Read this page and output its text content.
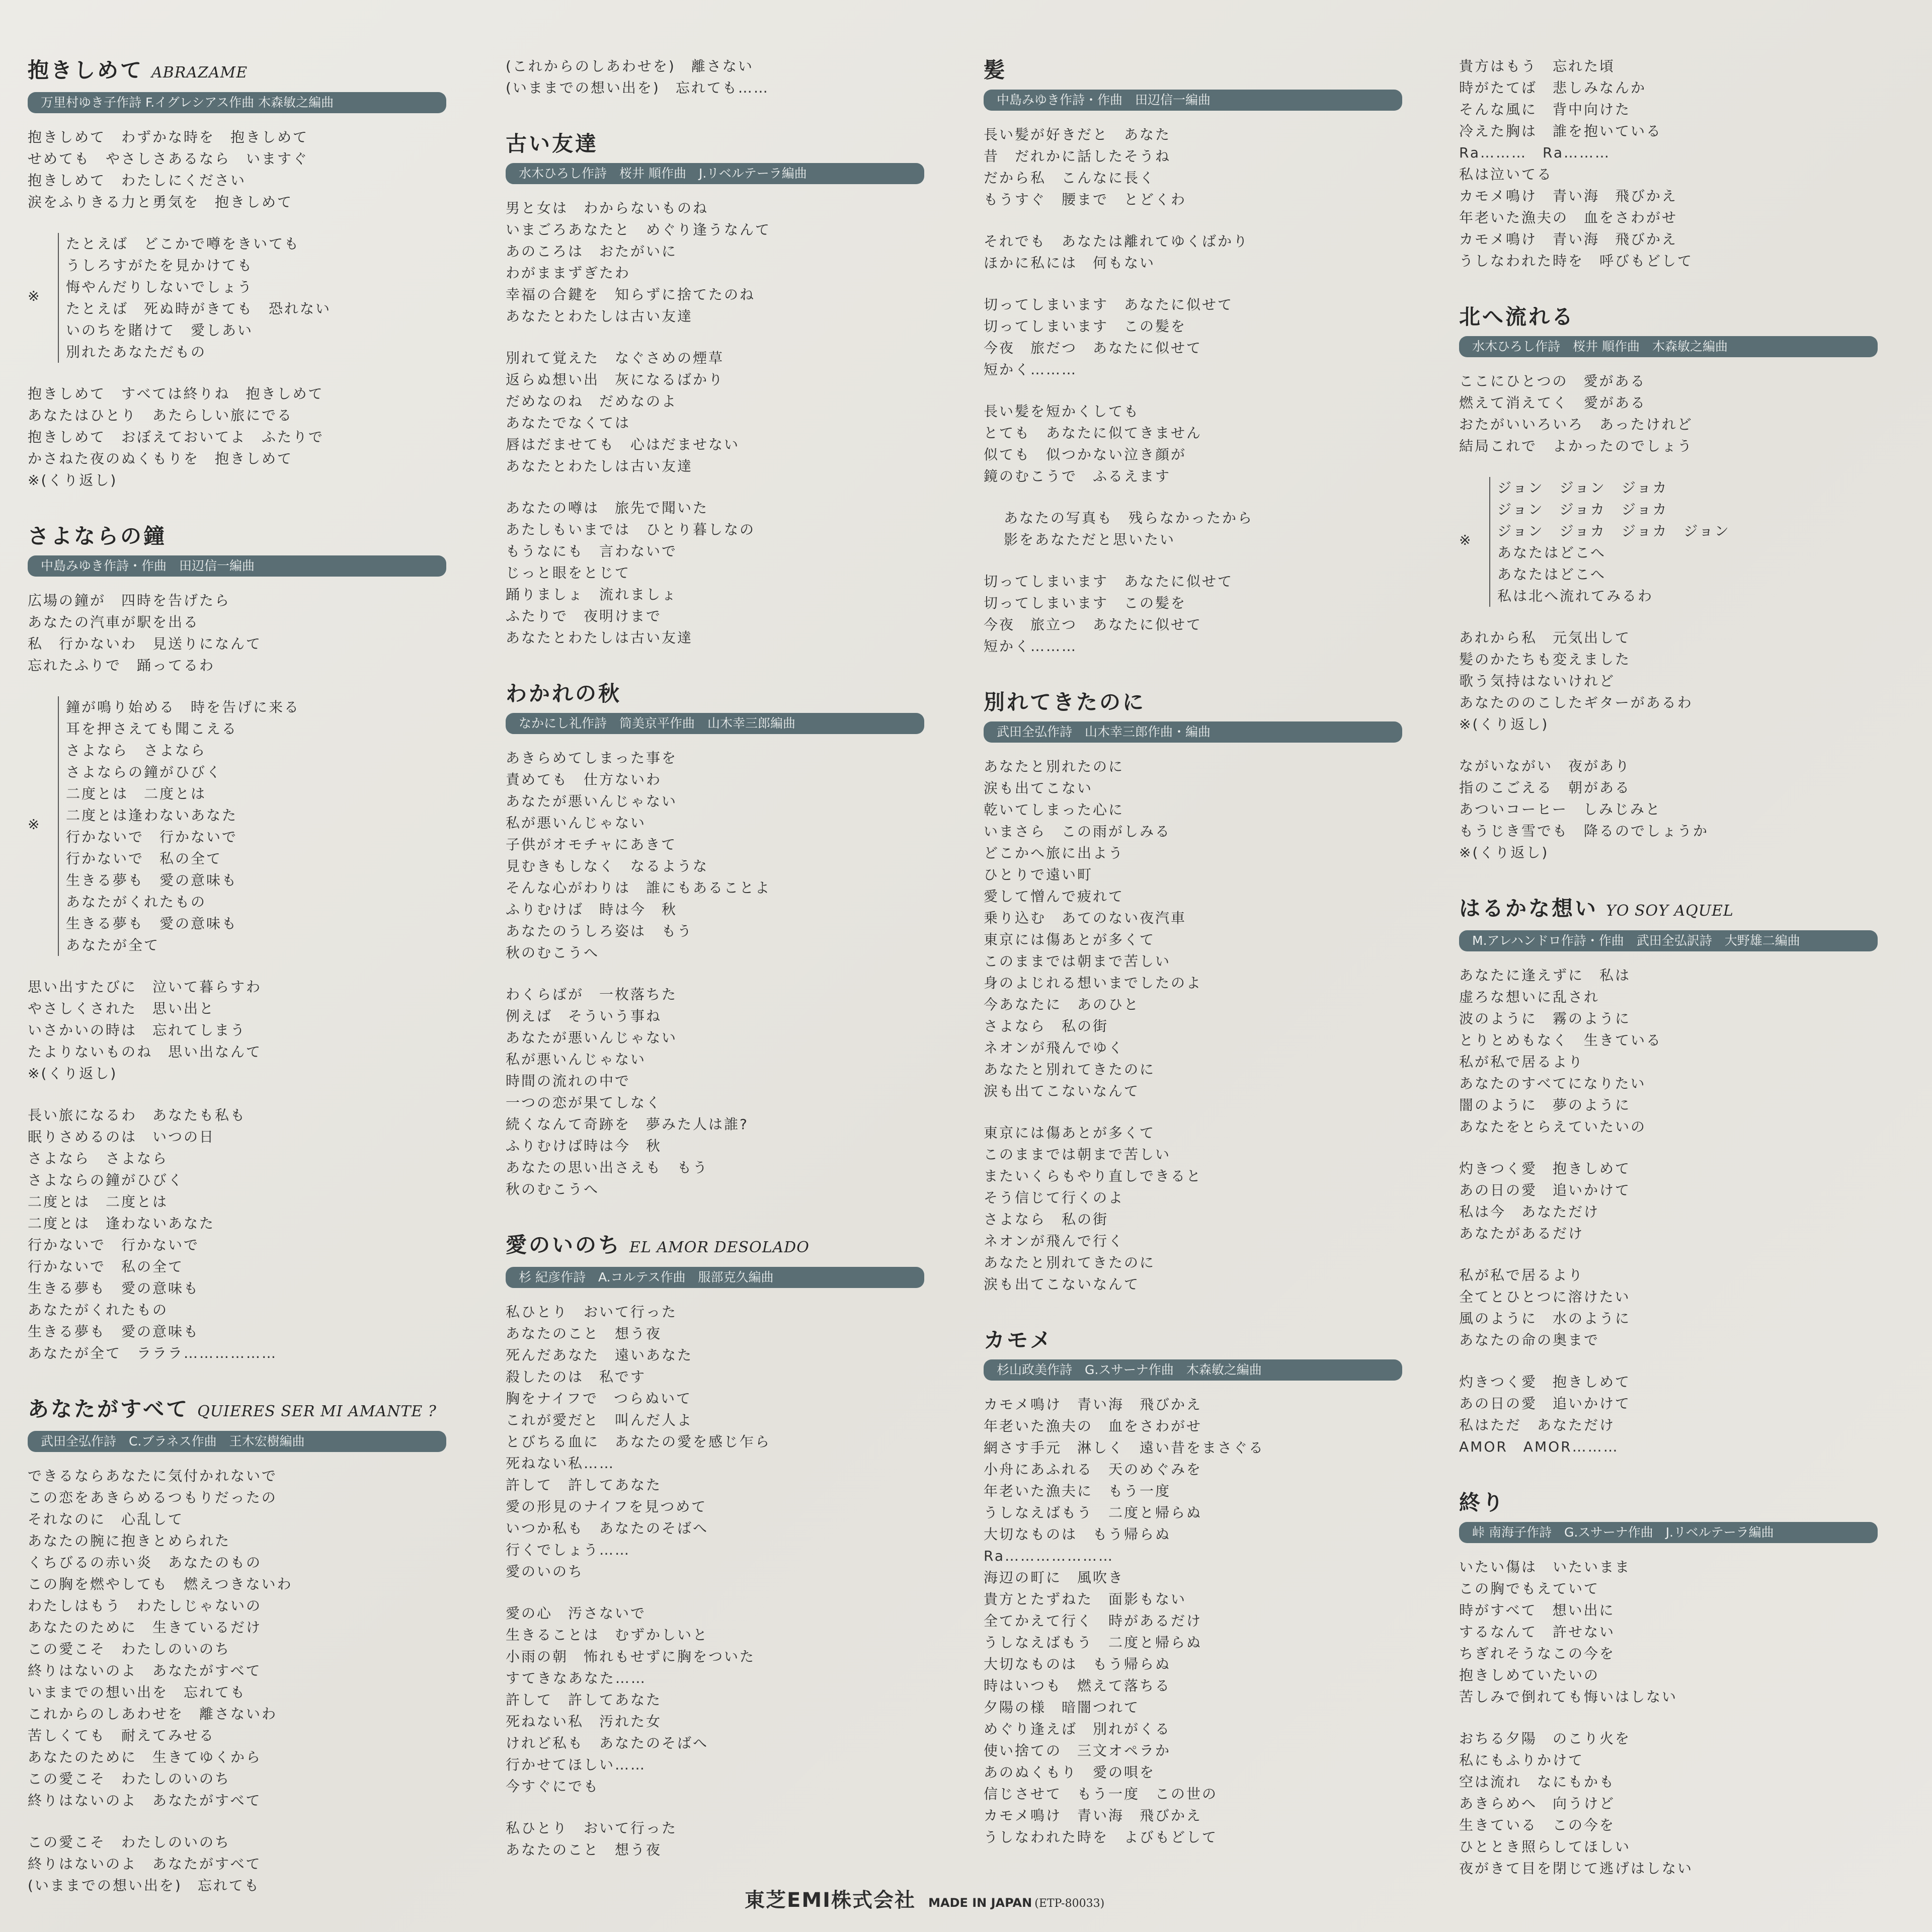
抱きしめて ABRAZAME
万里村ゆき子作詩 F.イグレシアス作曲 木森敏之編曲
抱きしめて　わずかな時を　抱きしめて
せめても　やさしさあるなら　いますぐ
抱きしめて　わたしにください
涙をふりきる力と勇気を　抱きしめて
※
たとえば　どこかで噂をきいても
うしろすがたを見かけても
悔やんだりしないでしょう
たとえば　死ぬ時がきても　恐れない
いのちを賭けて　愛しあい
別れたあなただもの
抱きしめて　すべては終りね　抱きしめて
あなたはひとり　あたらしい旅にでる
抱きしめて　おぼえておいてよ　ふたりで
かさねた夜のぬくもりを　抱きしめて
※(くり返し)
さよならの鐘
中島みゆき作詩・作曲　田辺信一編曲
広場の鐘が　四時を告げたら
あなたの汽車が駅を出る
私　行かないわ　見送りになんて
忘れたふりで　踊ってるわ
※
鐘が鳴り始める　時を告げに来る
耳を押さえても聞こえる
さよなら　さよなら
さよならの鐘がひびく
二度とは　二度とは
二度とは逢わないあなた
行かないで　行かないで
行かないで　私の全て
生きる夢も　愛の意味も
あなたがくれたもの
生きる夢も　愛の意味も
あなたが全て
思い出すたびに　泣いて暮らすわ
やさしくされた　思い出と
いさかいの時は　忘れてしまう
たよりないものね　思い出なんて
※(くり返し)
長い旅になるわ　あなたも私も
眠りさめるのは　いつの日
さよなら　さよなら
さよならの鐘がひびく
二度とは　二度とは
二度とは　逢わないあなた
行かないで　行かないで
行かないで　私の全て
生きる夢も　愛の意味も
あなたがくれたもの
生きる夢も　愛の意味も
あなたが全て　ラララ………………
あなたがすべて QUIERES SER MI AMANTE ?
武田全弘作詩　C.ブラネス作曲　王木宏樹編曲
できるならあなたに気付かれないで
この恋をあきらめるつもりだったの
それなのに　心乱して
あなたの腕に抱きとめられた
くちびるの赤い炎　あなたのもの
この胸を燃やしても　燃えつきないわ
わたしはもう　わたしじゃないの
あなたのために　生きているだけ
この愛こそ　わたしのいのち
終りはないのよ　あなたがすべて
いままでの想い出を　忘れても
これからのしあわせを　離さないわ
苦しくても　耐えてみせる
あなたのために　生きてゆくから
この愛こそ　わたしのいのち
終りはないのよ　あなたがすべて
この愛こそ　わたしのいのち
終りはないのよ　あなたがすべて
(いままでの想い出を)　忘れても
(これからのしあわせを)　離さない
(いままでの想い出を)　忘れても……
古い友達
水木ひろし作詩　桜井 順作曲　J.リベルテーラ編曲
男と女は　わからないものね
いまごろあなたと　めぐり逢うなんて
あのころは　おたがいに
わがままずぎたわ
幸福の合鍵を　知らずに捨てたのね
あなたとわたしは古い友達
別れて覚えた　なぐさめの煙草
返らぬ想い出　灰になるばかり
だめなのね　だめなのよ
あなたでなくては
唇はだませても　心はだませない
あなたとわたしは古い友達
あなたの噂は　旅先で聞いた
あたしもいまでは　ひとり暮しなの
もうなにも　言わないで
じっと眼をとじて
踊りましょ　流れましょ
ふたりで　夜明けまで
あなたとわたしは古い友達
わかれの秋
なかにし礼作詩　筒美京平作曲　山木幸三郎編曲
あきらめてしまった事を
責めても　仕方ないわ
あなたが悪いんじゃない
私が悪いんじゃない
子供がオモチャにあきて
見むきもしなく　なるような
そんな心がわりは　誰にもあることよ
ふりむけば　時は今　秋
あなたのうしろ姿は　もう
秋のむこうへ
わくらばが　一枚落ちた
例えば　そういう事ね
あなたが悪いんじゃない
私が悪いんじゃない
時間の流れの中で
一つの恋が果てしなく
続くなんて奇跡を　夢みた人は誰?
ふりむけば時は今　秋
あなたの思い出さえも　もう
秋のむこうへ
愛のいのち EL AMOR DESOLADO
杉 紀彦作詩　A.コルテス作曲　服部克久編曲
私ひとり　おいて行った
あなたのこと　想う夜
死んだあなた　遠いあなた
殺したのは　私です
胸をナイフで　つらぬいて
これが愛だと　叫んだ人よ
とびちる血に　あなたの愛を感じ乍ら
死ねない私……
許して　許してあなた
愛の形見のナイフを見つめて
いつか私も　あなたのそばへ
行くでしょう……
愛のいのち
愛の心　汚さないで
生きることは　むずかしいと
小雨の朝　怖れもせずに胸をついた
すてきなあなた……
許して　許してあなた
死ねない私　汚れた女
けれど私も　あなたのそばへ
行かせてほしい……
今すぐにでも
私ひとり　おいて行った
あなたのこと　想う夜
髪
中島みゆき作詩・作曲　田辺信一編曲
長い髪が好きだと　あなた
昔　だれかに話したそうね
だから私　こんなに長く
もうすぐ　腰まで　とどくわ
それでも　あなたは離れてゆくばかり
ほかに私には　何もない
切ってしまいます　あなたに似せて
切ってしまいます　この髪を
今夜　旅だつ　あなたに似せて
短かく………
長い髪を短かくしても
とても　あなたに似てきません
似ても　似つかない泣き顔が
鏡のむこうで　ふるえます
あなたの写真も　残らなかったから
影をあなただと思いたい
切ってしまいます　あなたに似せて
切ってしまいます　この髪を
今夜　旅立つ　あなたに似せて
短かく………
別れてきたのに
武田全弘作詩　山木幸三郎作曲・編曲
あなたと別れたのに
涙も出てこない
乾いてしまった心に
いまさら　この雨がしみる
どこかへ旅に出よう
ひとりで遠い町
愛して憎んで疲れて
乗り込む　あてのない夜汽車
東京には傷あとが多くて
このままでは朝まで苦しい
身のよじれる想いまでしたのよ
今あなたに　あのひと
さよなら　私の街
ネオンが飛んでゆく
あなたと別れてきたのに
涙も出てこないなんて
東京には傷あとが多くて
このままでは朝まで苦しい
またいくらもやり直しできると
そう信じて行くのよ
さよなら　私の街
ネオンが飛んで行く
あなたと別れてきたのに
涙も出てこないなんて
カモメ
杉山政美作詩　G.スサーナ作曲　木森敏之編曲
カモメ鳴け　青い海　飛びかえ
年老いた漁夫の　血をさわがせ
網さす手元　淋しく　遠い昔をまさぐる
小舟にあふれる　天のめぐみを
年老いた漁夫に　もう一度
うしなえばもう　二度と帰らぬ
大切なものは　もう帰らぬ
Ra…………………
海辺の町に　風吹き
貴方とたずねた　面影もない
全てかえて行く　時があるだけ
うしなえばもう　二度と帰らぬ
大切なものは　もう帰らぬ
時はいつも　燃えて落ちる
夕陽の様　暗闇つれて
めぐり逢えば　別れがくる
使い捨ての　三文オペラか
あのぬくもり　愛の唄を
信じさせて　もう一度　この世の
カモメ鳴け　青い海　飛びかえ
うしなわれた時を　よびもどして
貴方はもう　忘れた頃
時がたてば　悲しみなんか
そんな風に　背中向けた
冷えた胸は　誰を抱いている
Ra………　Ra………
私は泣いてる
カモメ鳴け　青い海　飛びかえ
年老いた漁夫の　血をさわがせ
カモメ鳴け　青い海　飛びかえ
うしなわれた時を　呼びもどして
北へ流れる
水木ひろし作詩　桜井 順作曲　木森敏之編曲
ここにひとつの　愛がある
燃えて消えてく　愛がある
おたがいいろいろ　あったけれど
結局これで　よかったのでしょう
※
ジョン　ジョン　ジョカ
ジョン　ジョカ　ジョカ
ジョン　ジョカ　ジョカ　ジョン
あなたはどこへ
あなたはどこへ
私は北へ流れてみるわ
あれから私　元気出して
髪のかたちも変えました
歌う気持はないけれど
あなたののこしたギターがあるわ
※(くり返し)
ながいながい　夜があり
指のこごえる　朝がある
あついコーヒー　しみじみと
もうじき雪でも　降るのでしょうか
※(くり返し)
はるかな想い YO SOY AQUEL
M.アレハンドロ作詩・作曲　武田全弘訳詩　大野雄二編曲
あなたに逢えずに　私は
虚ろな想いに乱され
波のように　霧のように
とりとめもなく　生きている
私が私で居るより
あなたのすべてになりたい
闇のように　夢のように
あなたをとらえていたいの
灼きつく愛　抱きしめて
あの日の愛　追いかけて
私は今　あなただけ
あなたがあるだけ
私が私で居るより
全てとひとつに溶けたい
風のように　水のように
あなたの命の奥まで
灼きつく愛　抱きしめて
あの日の愛　追いかけて
私はただ　あなただけ
AMOR　AMOR………
終り
峠 南海子作詩　G.スサーナ作曲　J.リベルテーラ編曲
いたい傷は　いたいまま
この胸でもえていて
時がすべて　想い出に
するなんて　許せない
ちぎれそうなこの今を
抱きしめていたいの
苦しみで倒れても悔いはしない
おちる夕陽　のこり火を
私にもふりかけて
空は流れ　なにもかも
あきらめへ　向うけど
生きている　この今を
ひととき照らしてほしい
夜がきて目を閉じて逃げはしない
東芝EMI株式会社 MADE IN JAPAN (ETP-80033)
